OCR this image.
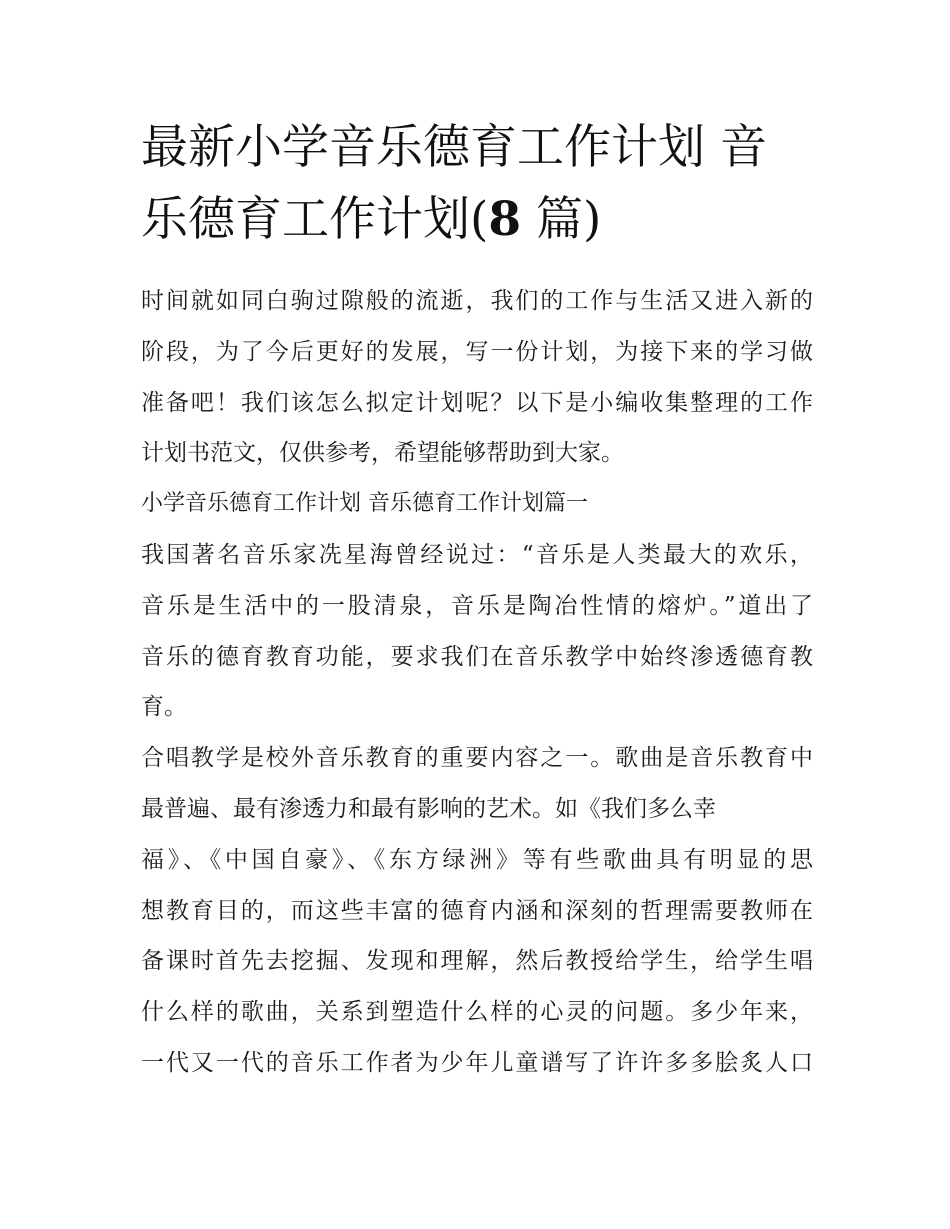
最新小学音乐德育工作计划 音
乐德育工作计划(8 篇)
时间就如同白驹过隙般的流逝，我们的工作与生活又进入新的
阶段，为了今后更好的发展，写一份计划，为接下来的学习做
准备吧！我们该怎么拟定计划呢？以下是小编收集整理的工作
计划书范文，仅供参考，希望能够帮助到大家。
小学音乐德育工作计划 音乐德育工作计划篇一
我国著名音乐家冼星海曾经说过：“音乐是人类最大的欢乐，
音乐是生活中的一股清泉，音乐是陶冶性情的熔炉。”道出了
音乐的德育教育功能，要求我们在音乐教学中始终渗透德育教
育。
合唱教学是校外音乐教育的重要内容之一。歌曲是音乐教育中
最普遍、最有渗透力和最有影响的艺术。如《我们多么幸
福》、《中国自豪》、《东方绿洲》等有些歌曲具有明显的思
想教育目的，而这些丰富的德育内涵和深刻的哲理需要教师在
备课时首先去挖掘、发现和理解，然后教授给学生，给学生唱
什么样的歌曲，关系到塑造什么样的心灵的问题。多少年来，
一代又一代的音乐工作者为少年儿童谱写了许许多多脍炙人口
